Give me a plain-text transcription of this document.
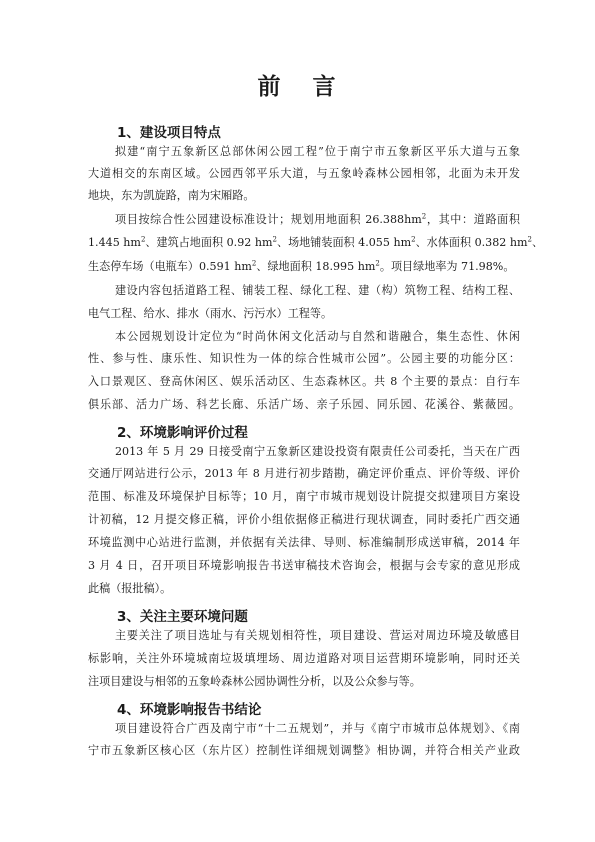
前 言
1、建设项目特点
拟建“南宁五象新区总部休闲公园工程”位于南宁市五象新区平乐大道与五象
大道相交的东南区域。公园西邻平乐大道，与五象岭森林公园相邻，北面为未开发
地块，东为凯旋路，南为宋厢路。
项目按综合性公园建设标准设计；规划用地面积 $26.388hm^2$，其中：道路面积
1.445 $hm^2$、建筑占地面积 0.92 $hm^2$、场地铺装面积 4.055 $hm^2$、水体面积 0.382 $hm^2$、
生态停车场（电瓶车）0.591 $hm^2$、绿地面积 18.995 $hm^2$。项目绿地率为 71.98%。
建设内容包括道路工程、铺装工程、绿化工程、建（构）筑物工程、结构工程、
电气工程、给水、排水（雨水、污污水）工程等。
本公园规划设计定位为“时尚休闲文化活动与自然和谐融合，集生态性、休闲
性、参与性、康乐性、知识性为一体的综合性城市公园”。公园主要的功能分区：
入口景观区、登高休闲区、娱乐活动区、生态森林区。共 8 个主要的景点：自行车
俱乐部、活力广场、科艺长廊、乐活广场、亲子乐园、同乐园、花溪谷、紫薇园。
2、环境影响评价过程
2013 年 5 月 29 日接受南宁五象新区建设投资有限责任公司委托，当天在广西
交通厅网站进行公示，2013 年 8 月进行初步踏勘，确定评价重点、评价等级、评价
范围、标准及环境保护目标等；10 月，南宁市城市规划设计院提交拟建项目方案设
计初稿，12 月提交修正稿，评价小组依据修正稿进行现状调查，同时委托广西交通
环境监测中心站进行监测，并依据有关法律、导则、标准编制形成送审稿，2014 年
3 月 4 日，召开项目环境影响报告书送审稿技术咨询会，根据与会专家的意见形成
此稿（报批稿）。
3、关注主要环境问题
主要关注了项目选址与有关规划相符性，项目建设、营运对周边环境及敏感目
标影响，关注外环境城南垃圾填埋场、周边道路对项目运营期环境影响，同时还关
注项目建设与相邻的五象岭森林公园协调性分析，以及公众参与等。
4、环境影响报告书结论
项目建设符合广西及南宁市“十二五规划”，并与《南宁市城市总体规划》、《南
宁市五象新区核心区（东片区）控制性详细规划调整》相协调，并符合相关产业政
